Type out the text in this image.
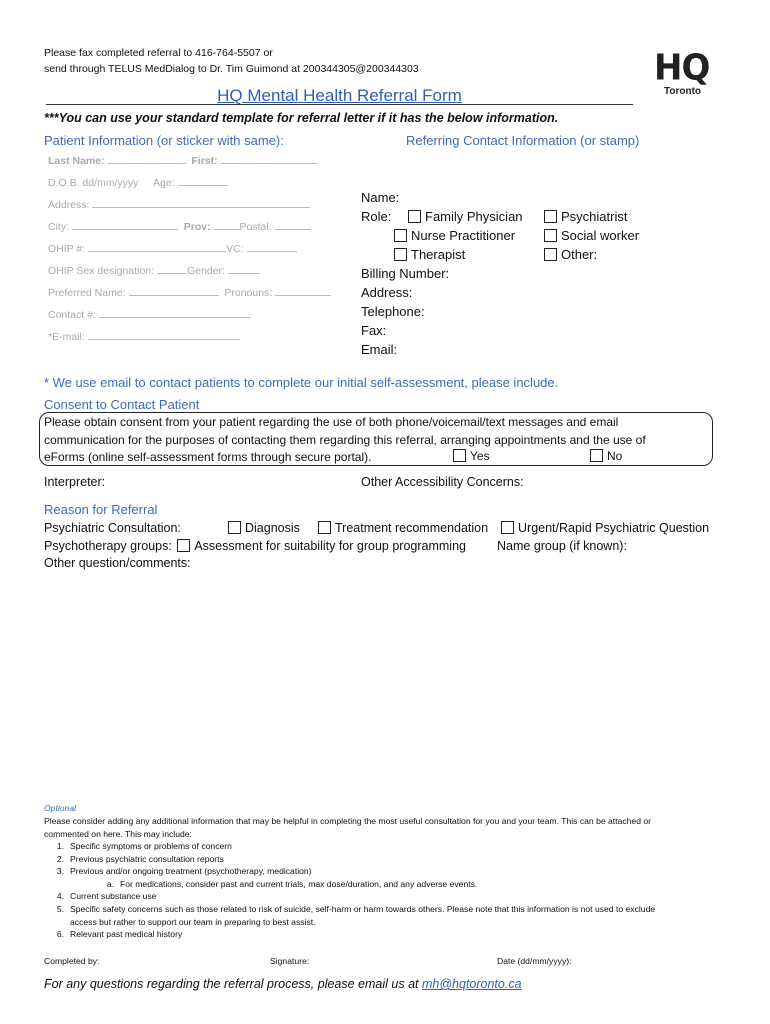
Please fax completed referral to 416-764-5507 or
send through TELUS MedDialog to Dr. Tim Guimond at 200344305@200344303	HQ
Toronto
HQ Mental Health Referral Form
***You can use your standard template for referral letter if it has the below information.
Patient Information (or sticker with same):
Last Name:	First:
D.O.B. dd/mm/yyyy Age:
Address:
City:	Prov:	Postal:
OHIP #:	VC:
OHIP Sex designation:	Gender:
Preferred Name:	Pronouns:
Contact #:
*E-mail:
Referring Contact Information (or stamp)
Name:
Role:	Family Physician	Psychiatrist
Nurse Practitioner	Social worker
Therapist	Other:
Billing Number:
Address:
Telephone:
Fax:
Email:
* We use email to contact patients to complete our initial self-assessment, please include.
Consent to Contact Patient
Please obtain consent from your patient regarding the use of both phone/voicemail/text messages and email
communication for the purposes of contacting them regarding this referral, arranging appointments and the use of
eForms (online self-assessment forms through secure portal).	Yes	No
Interpreter:	Other Accessibility Concerns:
Reason for Referral
Psychiatric Consultation:	Diagnosis	Treatment recommendation	Urgent/Rapid Psychiatric Question
Psychotherapy groups: Assessment for suitability for group programming Name group (if known):
Other question/comments:
Optional
Please consider adding any additional information that may be helpful in completing the most useful consultation for you and your team. This can be attached or
commented on here. This may include:
1. Specific symptoms or problems of concern
2. Previous psychiatric consultation reports
3. Previous and/or ongoing treatment (psychotherapy, medication)
a. For medications, consider past and current trials, max dose/duration, and any adverse events.
4. Current substance use
5. Specific safety concerns such as those related to risk of suicide, self-harm or harm towards others. Please note that this information is not used to exclude
access but rather to support our team in preparing to best assist.
6. Relevant past medical history
Completed by:	Signature:	Date (dd/mm/yyyy):
For any questions regarding the referral process, please email us at mh@hqtoronto.ca
